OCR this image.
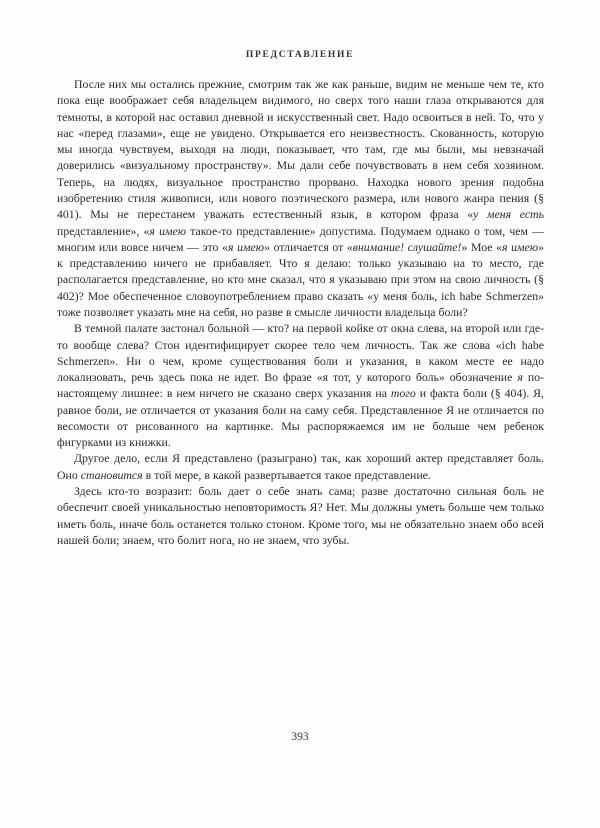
ПРЕДСТАВЛЕНИЕ

После них мы остались прежние, смотрим так же как раньше, видим не меньше чем те, кто пока еще воображает себя владельцем видимого, но сверх того наши глаза открываются для темноты, в которой нас оставил дневной и искусственный свет. Надо освоиться в ней. То, что у нас «перед глазами», еще не увидено. Открывается его неизвестность. Скованность, которую мы иногда чувствуем, выходя на люди, показывает, что там, где мы были, мы невзначай доверились «визуальному пространству». Мы дали себе почувствовать в нем себя хозяином. Теперь, на людях, визуальное пространство прорвано. Находка нового зрения подобна изобретению стиля живописи, или нового поэтического размера, или нового жанра пения (§ 401). Мы не перестанем уважать естественный язык, в котором фраза «у меня есть представление», «я имею такое-то представление» допустима. Подумаем однако о том, чем — многим или вовсе ничем — это «я имею» отличается от «внимание! слушайте!» Мое «я имею» к представлению ничего не прибавляет. Что я делаю: только указываю на то место, где располагается представление, но кто мне сказал, что я указываю при этом на свою личность (§ 402)? Мое обеспеченное словоупотреблением право сказать «у меня боль, ich habe Schmerzen» тоже позволяет указать мне на себя, но разве в смысле личности владельца боли?

В темной палате застонал больной — кто? на первой койке от окна слева, на второй или где-то вообще слева? Стон идентифицирует скорее тело чем личность. Так же слова «ich habe Schmerzen». Ни о чем, кроме существования боли и указания, в каком месте ее надо локализовать, речь здесь пока не идет. Во фразе «я тот, у которого боль» обозначение я по-настоящему лишнее: в нем ничего не сказано сверх указания на того и факта боли (§ 404). Я, равное боли, не отличается от указания боли на саму себя. Представленное Я не отличается по весомости от рисованного на картинке. Мы распоряжаемся им не больше чем ребенок фигурками из книжки.

Другое дело, если Я представлено (разыграно) так, как хороший актер представляет боль. Оно становится в той мере, в какой развертывается такое представление.

Здесь кто-то возразит: боль дает о себе знать сама; разве достаточно сильная боль не обеспечит своей уникальностью неповторимость Я? Нет. Мы должны уметь больше чем только иметь боль, иначе боль останется только стоном. Кроме того, мы не обязательно знаем обо всей нашей боли; знаем, что болит нога, но не знаем, что зубы.

393
